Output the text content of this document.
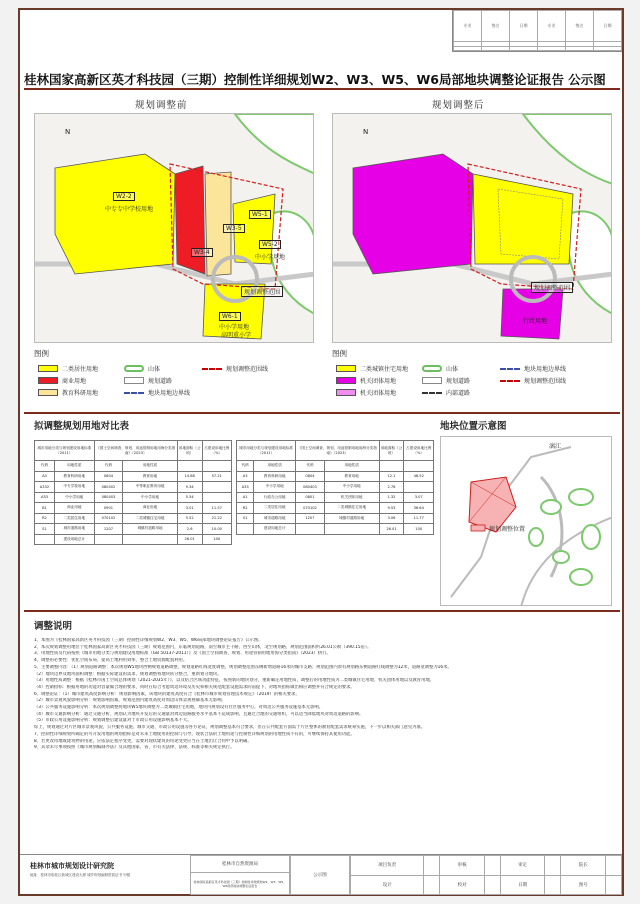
专业	签名	日期	专业	签名	日期

桂林国家高新区英才科技园（三期）控制性详细规划W2、W3、W5、W6局部地块调整论证报告 公示图
规划调整前
N
W2-2
中专专中学校用地
W3-5
W5-1
W5-2
中小学用地
W3-4
规划调整范围
W6-1
中小学用地
高明重小学
规划调整后
N
规划调整范围
行政用地
图例
二类居住用地
商业用地
教育科研用地
山体
规划道路
地块用地边界线
规划调整范围线
图例
二类城镇住宅用地
机关团体用地
机关团体用地
山体
规划道路
内部道路
地块用地边界线
规划调整范围线
拟调整规划用地对比表
城市用地分类与规划建设用地标准（2011）		《国土空间调查、规划、用途管制用地用海分类指南》（2023）		用地面积（公顷）	占建设用地比例（%）
代码	用地性质	代码	用地性质		
A3	教育科研用地	0804	教育用地	14.88	57.21
A332	中专学校用地	080402	中等职业教育用地	9.34	
A33	中小学用地	080403	中小学用地	5.54	
B1	商业用地	0901	商业用地	3.01	11.57
R2	二类居住用地	070102	二类城镇住宅用地	5.52	21.22
S1	城市道路用地	1207	城镇村道路用地	2.6	10.00
	建设用地总计			26.01	100
城市用地分类与规划建设用地标准（2011）		《国土空间调查、规划、用途管制用地用海分类指南》（2023）		用地面积（公顷）	占建设用地比例（%）
代码	用地性质	代码	用地性质		
A3	教育科研用地	0804	教育用地	12.1	46.52
A33	中小学用地	080403	中小学用地	2.76	
A1	行政办公用地	0801	机关团体用地	1.32	3.07
R2	二类居住用地	070102	二类城镇住宅用地	9.53	36.64
S1	城市道路用地	1207	城镇村道路用地	3.06	11.77
	建设用地总计			26.01	100
地块位置示意图
漓江
规划调整位置
调整说明

1、本图为《桂林国家高新区英才科技园（三期）控制性详细规划W2、W3、W5、W6局部地块调整论证报告》公示图。

2、本次规划调整用地位于桂林国家高新区英才科技园（三期）规划范围内，东临规划道路，南至城市主干路，西至山体，北至规划路，规划范围面积约26.01公顷（390.15亩）。

3、用地性质及代码按照《城市用地分类与规划建设用地标准（GB 50137-2011）》及《国土空间调查、规划、用途管制用地用海分类指南》（2023）执行。

4、调整的必要性：优化空间布局，提高土地利用效率，整合土地资源配置利用。

5、主要调整内容：（1）规划道路调整：本次规划W5地块西侧规划道路调整，规划道路红线宽度调整，规划调整范围东侧新增道路16米的城市支路；规划范围内原有规划路东侧道路红线调整为12米，道路宽调整为16米。

（2）地块边界及地块面积调整：根据实际建设的需求，规划调整将地块转分整合，重新划分地块。

（3）用地性质调整：根据《桂林市国土空间总体规划（2021-2035年）》，以及结合区域功能特征，按照新的地块划分，重新确定用地性质，调整后的用地性质为二类城镇住宅用地、机关团体用地以及教育用地。

（4）控制指标：根据用地的功能对容量做合理的要求，同时在综合考虑周边环境及历史和相关规范配套设施需求的前提下，对地块指标做出相应调整并符合规定的要求。

6、调整论证：（1）城市建筑高度影响分析：规划影响因素，该地块的建筑高度符合《桂林市城市规划管理技术规定》（2019）的相关要求。

（2）城市景观风貌影响分析：规划影响因素，规划范围内建筑高度对周边山体景观视廊基本无影响。

（3）公共服务设施影响分析：本次规划调整将地块W5地块调整为二类城镇住宅用地，地块内规划设有社区服务中心，对周边公共服务设施基本无影响。

（4）城市交通影响分析：通过交通分析，规划认为地块开发后的交通量对周边道路服务水平基本不造成影响，且通过合理的交通组织，可以适当降低地块对周边道路的影响。

（5）市政公用设施影响分析：规划调整后建设量对于市政公用设施影响基本不大。

综上，规划通过对片区城市景观风貌、公共服务设施、城市交通、市政公用设施等各方论证，规划调整基本符合要求，但在公共配套方面需于片区整体的教育配套需求统筹实施，下一步以相关部门意见为准。

7、控制性详细规划所确定的可开发用地的规划指标是对未来土地使用的控制与引导，现状合法的土地用途与控制性详细规划的用地性质不符的，可继续保持其使用功能。

8、若更改用地或建筑物的用途，应依法定程序变更，需要对现状建筑的用途变更应当在土地出让合同中予以明确。

9、其余未尽事项按照《城市规划编制办法》及其他国家、省、市有关法律、法规、标准等相关规定执行。

桂林市城市规划设计研究院
地址：桂林市临桂区新城区建设大厦 城乡规划编制资质证书 甲级
桂林市自然资源局
桂林国家高新区英才科技园（三期）控制性详细规划W2、W3、W5、W6局部地块调整论证报告
公示图
项目负责		审核		审定		院长	
设计		校对		日期		图号	
